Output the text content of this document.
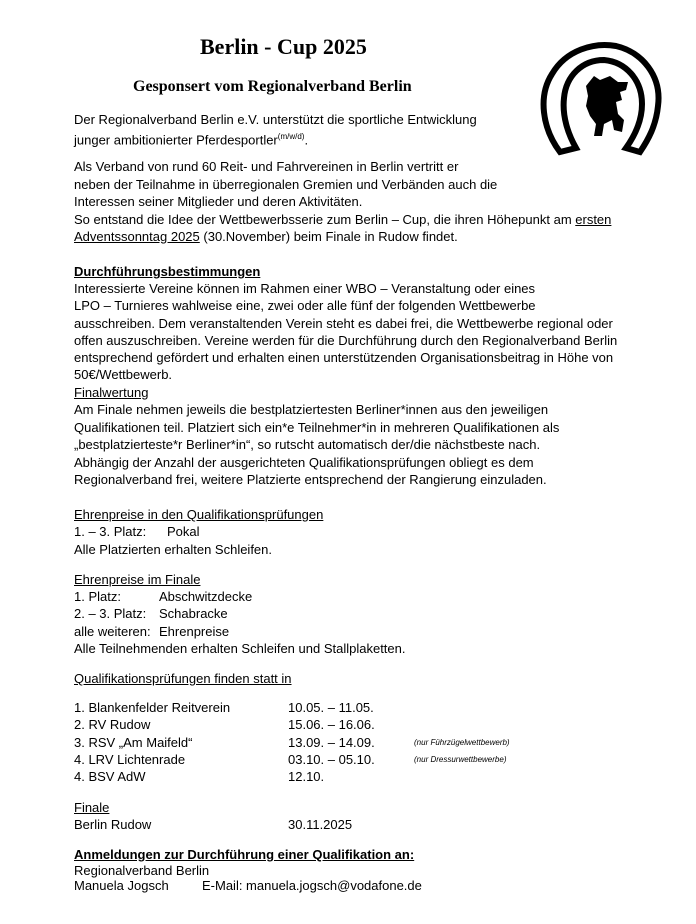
Berlin - Cup 2025
Gesponsert vom Regionalverband Berlin
Der Regionalverband Berlin e.V. unterstützt die sportliche Entwicklung
junger ambitionierter Pferdesportler$^{(m/w/d)}$.
Als Verband von rund 60 Reit- und Fahrvereinen in Berlin vertritt er
neben der Teilnahme in überregionalen Gremien und Verbänden auch die
Interessen seiner Mitglieder und deren Aktivitäten.
So entstand die Idee der Wettbewerbsserie zum Berlin – Cup, die ihren Höhepunkt am ersten
Adventssonntag 2025 (30.November) beim Finale in Rudow findet.
Durchführungsbestimmungen
Interessierte Vereine können im Rahmen einer WBO – Veranstaltung oder eines
LPO – Turnieres wahlweise eine, zwei oder alle fünf der folgenden Wettbewerbe
ausschreiben. Dem veranstaltenden Verein steht es dabei frei, die Wettbewerbe regional oder
offen auszuschreiben. Vereine werden für die Durchführung durch den Regionalverband Berlin
entsprechend gefördert und erhalten einen unterstützenden Organisationsbeitrag in Höhe von
50€/Wettbewerb.
Finalwertung
Am Finale nehmen jeweils die bestplatziertesten Berliner*innen aus den jeweiligen
Qualifikationen teil. Platziert sich ein*e Teilnehmer*in in mehreren Qualifikationen als
„bestplatzierteste*r Berliner*in“, so rutscht automatisch der/die nächstbeste nach.
Abhängig der Anzahl der ausgerichteten Qualifikationsprüfungen obliegt es dem
Regionalverband frei, weitere Platzierte entsprechend der Rangierung einzuladen.
Ehrenpreise in den Qualifikationsprüfungen
1. – 3. Platz: Pokal
Alle Platzierten erhalten Schleifen.
Ehrenpreise im Finale
1. Platz:	Abschwitzdecke
2. – 3. Platz: Schabracke
alle weiteren: Ehrenpreise
Alle Teilnehmenden erhalten Schleifen und Stallplaketten.
Qualifikationsprüfungen finden statt in
1. Blankenfelder Reitverein	10.05. – 11.05.
2. RV Rudow	15.06. – 16.06.
3. RSV „Am Maifeld“	13.09. – 14.09.	(nur Führzügelwettbewerb)
4. LRV Lichtenrade	03.10. – 05.10.	(nur Dressurwettbewerbe)
4. BSV AdW	12.10.
Finale
Berlin Rudow	30.11.2025
Anmeldungen zur Durchführung einer Qualifikation an:
Regionalverband Berlin
Manuela Jogsch	E-Mail: manuela.jogsch@vodafone.de
